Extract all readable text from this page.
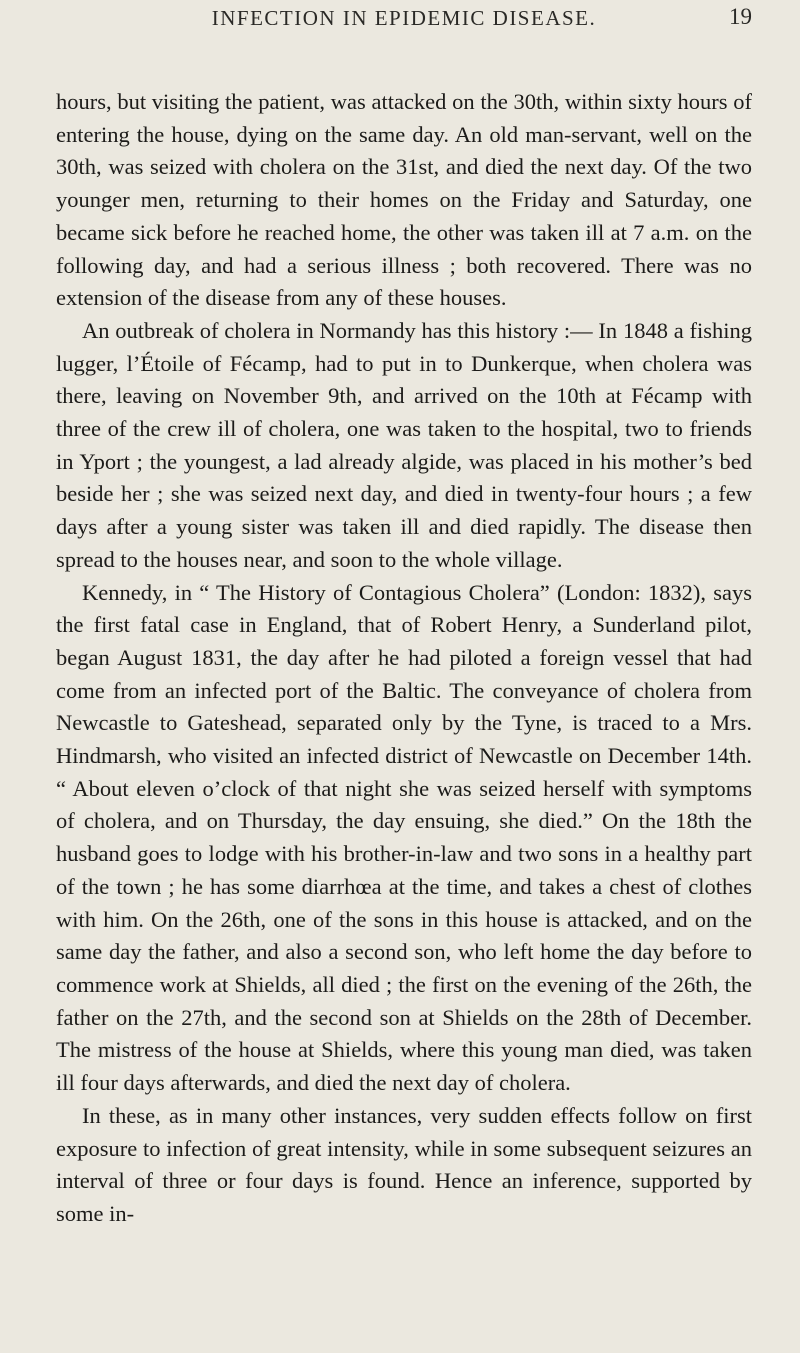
INFECTION IN EPIDEMIC DISEASE.	19

hours, but visiting the patient, was attacked on the 30th, within sixty hours of entering the house, dying on the same day. An old man-servant, well on the 30th, was seized with cholera on the 31st, and died the next day. Of the two younger men, returning to their homes on the Friday and Saturday, one became sick before he reached home, the other was taken ill at 7 a.m. on the following day, and had a serious illness ; both recovered. There was no extension of the disease from any of these houses.

An outbreak of cholera in Normandy has this history :— In 1848 a fishing lugger, l’Étoile of Fécamp, had to put in to Dunkerque, when cholera was there, leaving on November 9th, and arrived on the 10th at Fécamp with three of the crew ill of cholera, one was taken to the hospital, two to friends in Yport ; the youngest, a lad already algide, was placed in his mother’s bed beside her ; she was seized next day, and died in twenty-four hours ; a few days after a young sister was taken ill and died rapidly. The disease then spread to the houses near, and soon to the whole village.

Kennedy, in “ The History of Contagious Cholera” (London: 1832), says the first fatal case in England, that of Robert Henry, a Sunderland pilot, began August 1831, the day after he had piloted a foreign vessel that had come from an infected port of the Baltic. The conveyance of cholera from Newcastle to Gateshead, separated only by the Tyne, is traced to a Mrs. Hindmarsh, who visited an infected district of Newcastle on December 14th. “ About eleven o’clock of that night she was seized herself with symptoms of cholera, and on Thursday, the day ensuing, she died.” On the 18th the husband goes to lodge with his brother-in-law and two sons in a healthy part of the town ; he has some diarrhœa at the time, and takes a chest of clothes with him. On the 26th, one of the sons in this house is attacked, and on the same day the father, and also a second son, who left home the day before to commence work at Shields, all died ; the first on the evening of the 26th, the father on the 27th, and the second son at Shields on the 28th of December. The mistress of the house at Shields, where this young man died, was taken ill four days afterwards, and died the next day of cholera.

In these, as in many other instances, very sudden effects follow on first exposure to infection of great intensity, while in some subsequent seizures an interval of three or four days is found. Hence an inference, supported by some in-
